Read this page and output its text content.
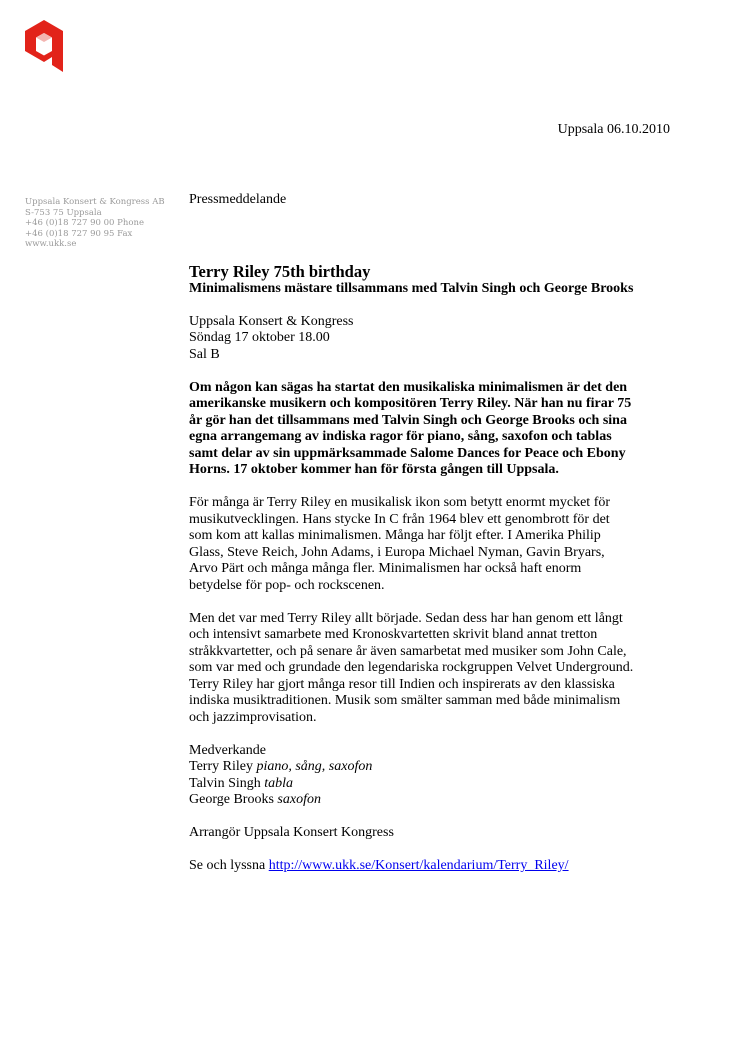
Uppsala 06.10.2010
Uppsala Konsert & Kongress AB
S-753 75 Uppsala
+46 (0)18 727 90 00 Phone
+46 (0)18 727 90 95 Fax
www.ukk.se
Pressmeddelande
Terry Riley 75th birthday
Minimalismens mästare tillsammans med Talvin Singh och George Brooks
Uppsala Konsert & Kongress
Söndag 17 oktober 18.00
Sal B
Om någon kan sägas ha startat den musikaliska minimalismen är det den
amerikanske musikern och kompositören Terry Riley. När han nu firar 75
år gör han det tillsammans med Talvin Singh och George Brooks och sina
egna arrangemang av indiska ragor för piano, sång, saxofon och tablas
samt delar av sin uppmärksammade Salome Dances for Peace och Ebony
Horns. 17 oktober kommer han för första gången till Uppsala.
För många är Terry Riley en musikalisk ikon som betytt enormt mycket för
musikutvecklingen. Hans stycke In C från 1964 blev ett genombrott för det
som kom att kallas minimalismen. Många har följt efter. I Amerika Philip
Glass, Steve Reich, John Adams, i Europa Michael Nyman, Gavin Bryars,
Arvo Pärt och många många fler. Minimalismen har också haft enorm
betydelse för pop- och rockscenen.
Men det var med Terry Riley allt började. Sedan dess har han genom ett långt
och intensivt samarbete med Kronoskvartetten skrivit bland annat tretton
stråkkvartetter, och på senare år även samarbetat med musiker som John Cale,
som var med och grundade den legendariska rockgruppen Velvet Underground.
Terry Riley har gjort många resor till Indien och inspirerats av den klassiska
indiska musiktraditionen. Musik som smälter samman med både minimalism
och jazzimprovisation.
Medverkande
Terry Riley piano, sång, saxofon
Talvin Singh tabla
George Brooks saxofon
Arrangör Uppsala Konsert Kongress
Se och lyssna http://www.ukk.se/Konsert/kalendarium/Terry_Riley/
